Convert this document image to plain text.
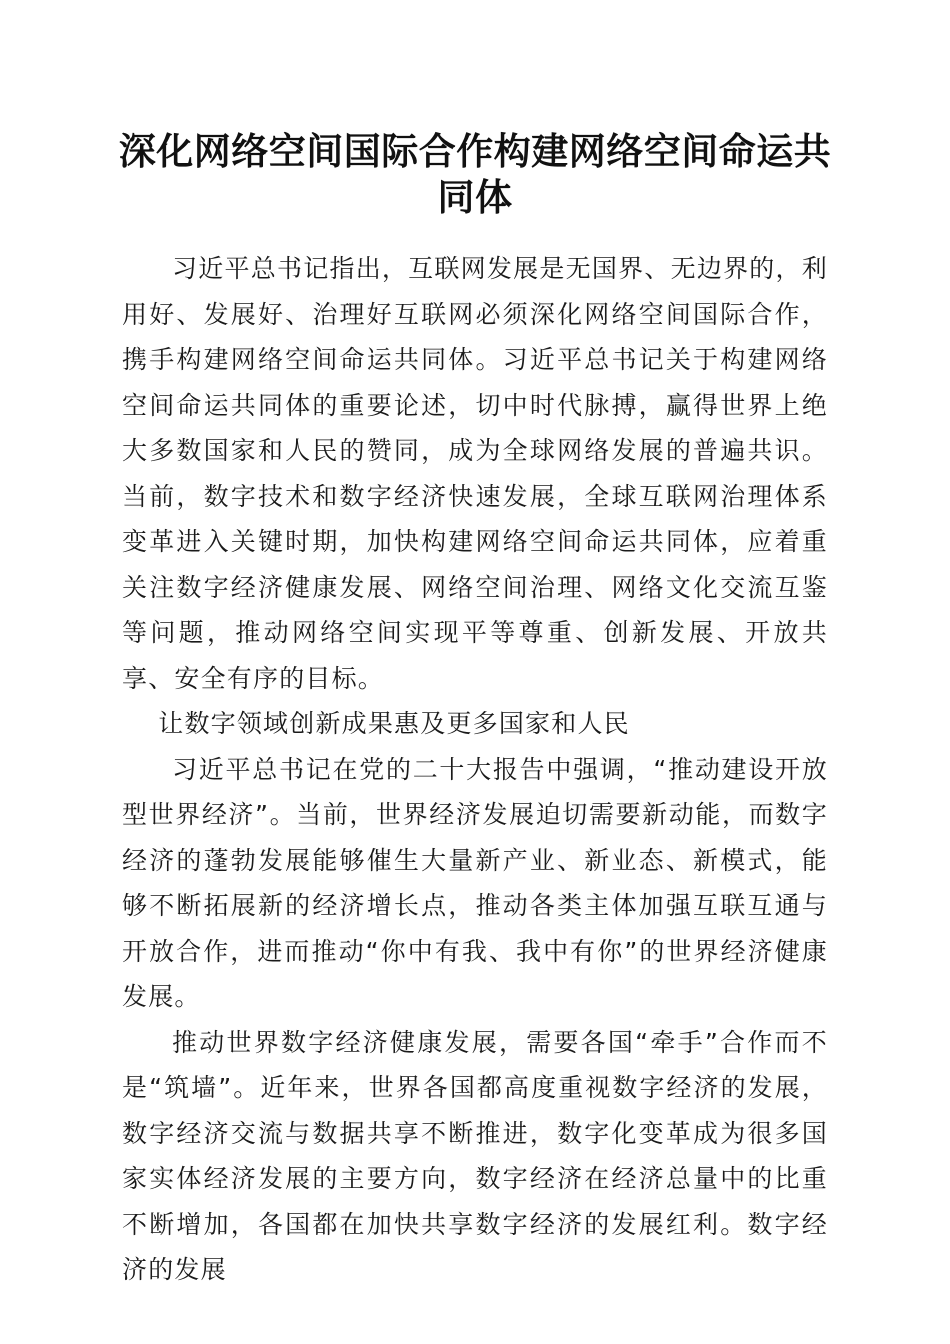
深化网络空间国际合作构建网络空间命运共同体

习近平总书记指出，互联网发展是无国界、无边界的，利用好、发展好、治理好互联网必须深化网络空间国际合作，携手构建网络空间命运共同体。习近平总书记关于构建网络空间命运共同体的重要论述，切中时代脉搏，赢得世界上绝大多数国家和人民的赞同，成为全球网络发展的普遍共识。当前，数字技术和数字经济快速发展，全球互联网治理体系变革进入关键时期，加快构建网络空间命运共同体，应着重关注数字经济健康发展、网络空间治理、网络文化交流互鉴等问题，推动网络空间实现平等尊重、创新发展、开放共享、安全有序的目标。

让数字领域创新成果惠及更多国家和人民

习近平总书记在党的二十大报告中强调，“推动建设开放型世界经济”。当前，世界经济发展迫切需要新动能，而数字经济的蓬勃发展能够催生大量新产业、新业态、新模式，能够不断拓展新的经济增长点，推动各类主体加强互联互通与开放合作，进而推动“你中有我、我中有你”的世界经济健康发展。

推动世界数字经济健康发展，需要各国“牵手”合作而不是“筑墙”。近年来，世界各国都高度重视数字经济的发展，数字经济交流与数据共享不断推进，数字化变革成为很多国家实体经济发展的主要方向，数字经济在经济总量中的比重不断增加，各国都在加快共享数字经济的发展红利。数字经济的发展
